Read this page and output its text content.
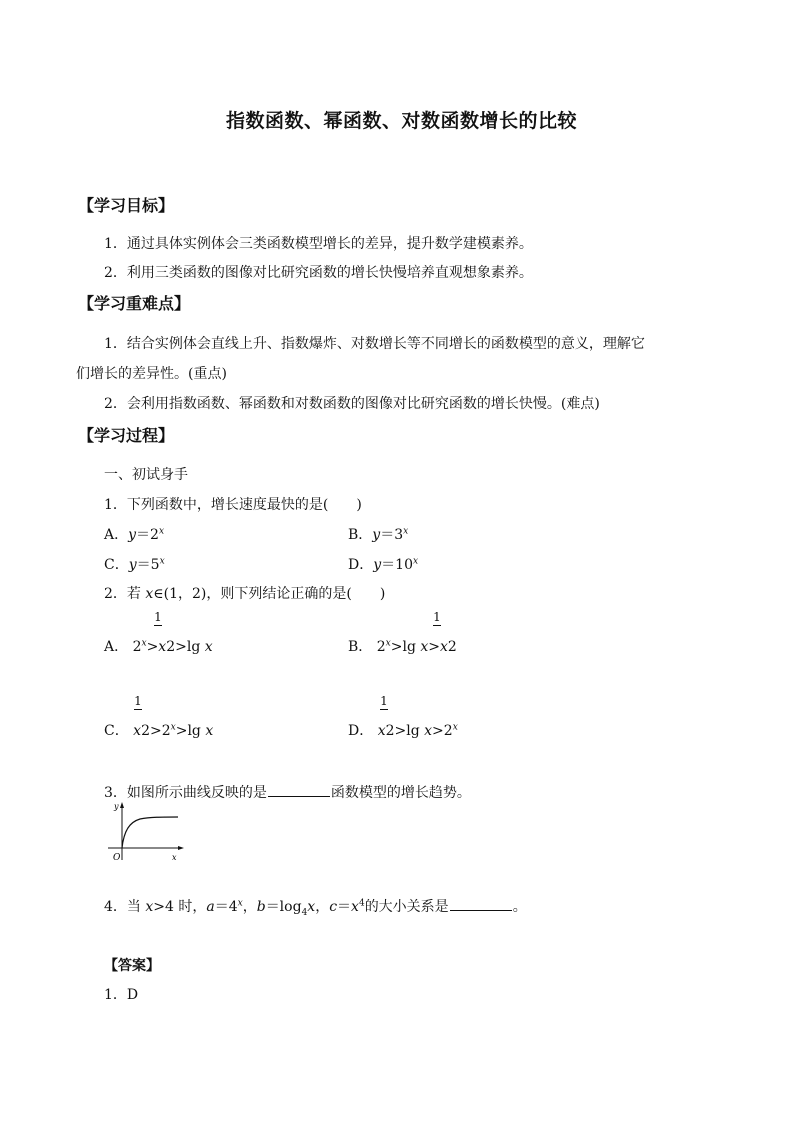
指数函数、幂函数、对数函数增长的比较
【学习目标】
1．通过具体实例体会三类函数模型增长的差异，提升数学建模素养。
2．利用三类函数的图像对比研究函数的增长快慢培养直观想象素养。
【学习重难点】
1．结合实例体会直线上升、指数爆炸、对数增长等不同增长的函数模型的意义，理解它
们增长的差异性。(重点)
2．会利用指数函数、幂函数和对数函数的图像对比研究函数的增长快慢。(难点)
【学习过程】
一、初试身手
1．下列函数中，增长速度最快的是(　　)
A．$y=2^x$	B．$y=3^x$
C．$y=5^x$	D．$y=10^x$
2．若 x∈(1，2)，则下列结论正确的是(　　)
1
A． $2^x>x2>\lg$ x
1
B． $2^x>\lg$ x>x2
1
C． $x2>2^x>\lg$ x
1
D． x2>lg $x>2^x$
3．如图所示曲线反映的是	函数模型的增长趋势。
y
x
O
4．当 x>4 时，$a=4^x$，$b=\log_4x$，$c=x^4$的大小关系是	。
【答案】
1．D
